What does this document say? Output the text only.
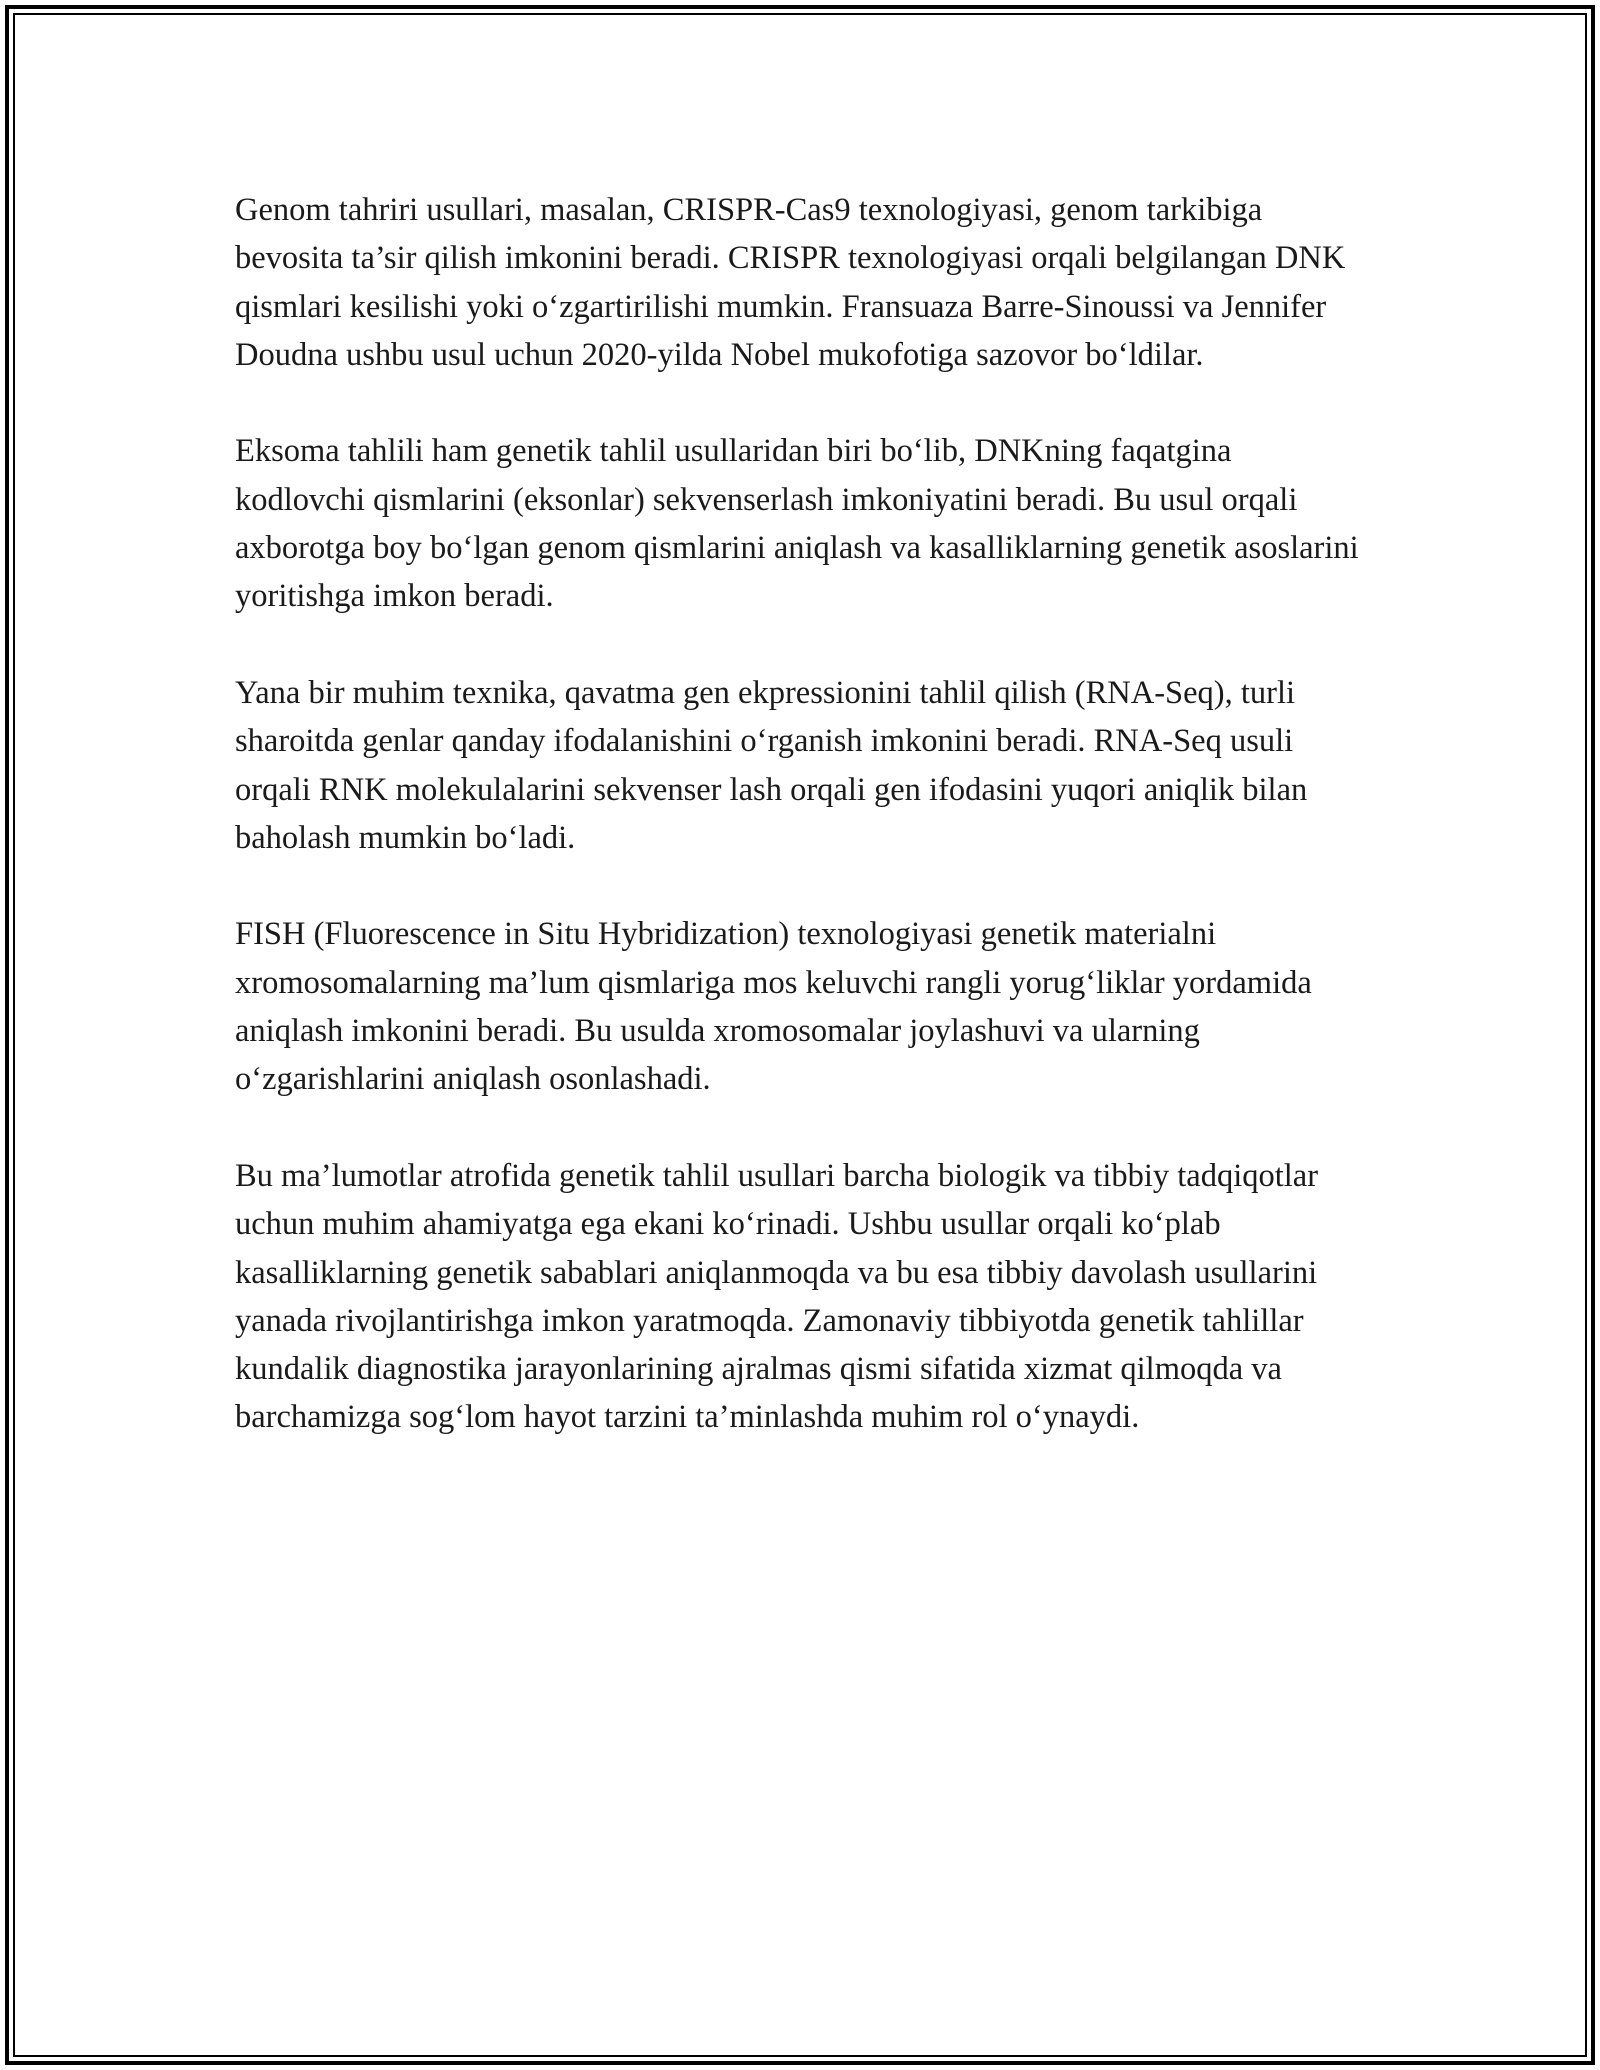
Genom tahriri usullari, masalan, CRISPR-Cas9 texnologiyasi, genom tarkibiga bevosita ta’sir qilish imkonini beradi. CRISPR texnologiyasi orqali belgilangan DNK qismlari kesilishi yoki o‘zgartirilishi mumkin. Fransuaza Barre-Sinoussi va Jennifer Doudna ushbu usul uchun 2020-yilda Nobel mukofotiga sazovor bo‘ldilar.

Eksoma tahlili ham genetik tahlil usullaridan biri bo‘lib, DNKning faqatgina kodlovchi qismlarini (eksonlar) sekvenserlash imkoniyatini beradi. Bu usul orqali axborotga boy bo‘lgan genom qismlarini aniqlash va kasalliklarning genetik asoslarini yoritishga imkon beradi.

Yana bir muhim texnika, qavatma gen ekpressionini tahlil qilish (RNA-Seq), turli sharoitda genlar qanday ifodalanishini o‘rganish imkonini beradi. RNA-Seq usuli orqali RNK molekulalarini sekvenser lash orqali gen ifodasini yuqori aniqlik bilan baholash mumkin bo‘ladi.

FISH (Fluorescence in Situ Hybridization) texnologiyasi genetik materialni xromosomalarning ma’lum qismlariga mos keluvchi rangli yorug‘liklar yordamida aniqlash imkonini beradi. Bu usulda xromosomalar joylashuvi va ularning o‘zgarishlarini aniqlash osonlashadi.

Bu ma’lumotlar atrofida genetik tahlil usullari barcha biologik va tibbiy tadqiqotlar uchun muhim ahamiyatga ega ekani ko‘rinadi. Ushbu usullar orqali ko‘plab kasalliklarning genetik sabablari aniqlanmoqda va bu esa tibbiy davolash usullarini yanada rivojlantirishga imkon yaratmoqda. Zamonaviy tibbiyotda genetik tahlillar kundalik diagnostika jarayonlarining ajralmas qismi sifatida xizmat qilmoqda va barchamizga sog‘lom hayot tarzini ta’minlashda muhim rol o‘ynaydi.
